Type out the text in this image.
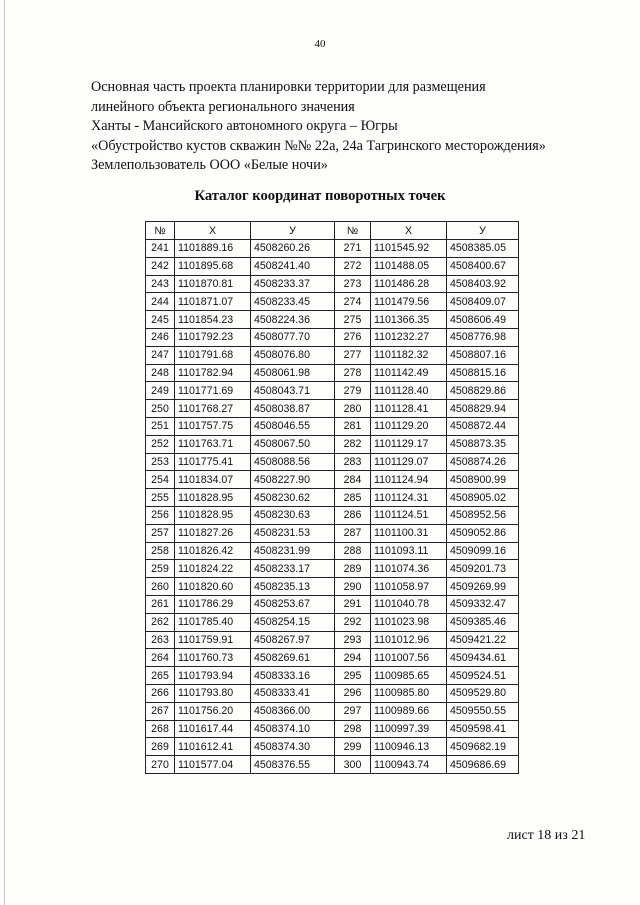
40
Основная часть проекта планировки территории для размещения
линейного объекта регионального значения
Ханты - Мансийского автономного округа – Югры
«Обустройство кустов скважин №№ 22а, 24а Тагринского месторождения»
Землепользователь ООО «Белые ночи»
Каталог координат поворотных точек
№	Х	У	№	Х	У
241	1101889.16	4508260.26	271	1101545.92	4508385.05
242	1101895.68	4508241.40	272	1101488.05	4508400.67
243	1101870.81	4508233.37	273	1101486.28	4508403.92
244	1101871.07	4508233.45	274	1101479.56	4508409.07
245	1101854.23	4508224.36	275	1101366.35	4508606.49
246	1101792.23	4508077.70	276	1101232.27	4508776.98
247	1101791.68	4508076.80	277	1101182.32	4508807.16
248	1101782.94	4508061.98	278	1101142.49	4508815.16
249	1101771.69	4508043.71	279	1101128.40	4508829.86
250	1101768.27	4508038.87	280	1101128.41	4508829.94
251	1101757.75	4508046.55	281	1101129.20	4508872.44
252	1101763.71	4508067.50	282	1101129.17	4508873.35
253	1101775.41	4508088.56	283	1101129.07	4508874.26
254	1101834.07	4508227.90	284	1101124.94	4508900.99
255	1101828.95	4508230.62	285	1101124.31	4508905.02
256	1101828.95	4508230.63	286	1101124.51	4508952.56
257	1101827.26	4508231.53	287	1101100.31	4509052.86
258	1101826.42	4508231.99	288	1101093.11	4509099.16
259	1101824.22	4508233.17	289	1101074.36	4509201.73
260	1101820.60	4508235.13	290	1101058.97	4509269.99
261	1101786.29	4508253.67	291	1101040.78	4509332.47
262	1101785.40	4508254.15	292	1101023.98	4509385.46
263	1101759.91	4508267.97	293	1101012.96	4509421.22
264	1101760.73	4508269.61	294	1101007.56	4509434.61
265	1101793.94	4508333.16	295	1100985.65	4509524.51
266	1101793.80	4508333.41	296	1100985.80	4509529.80
267	1101756.20	4508366.00	297	1100989.66	4509550.55
268	1101617.44	4508374.10	298	1100997.39	4509598.41
269	1101612.41	4508374.30	299	1100946.13	4509682.19
270	1101577.04	4508376.55	300	1100943.74	4509686.69
лист 18 из 21
